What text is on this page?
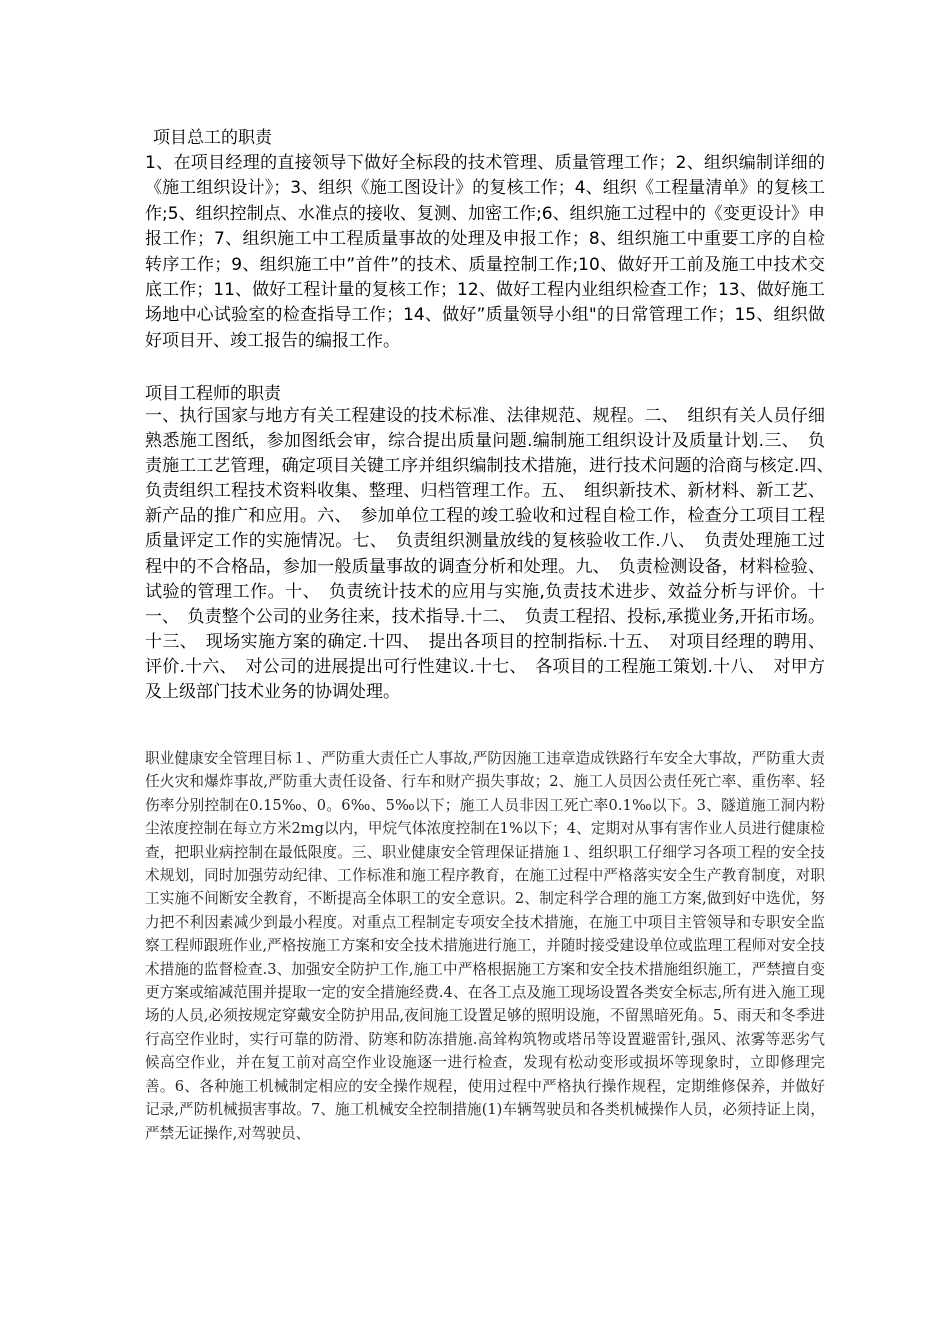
项目总工的职责
1、在项目经理的直接领导下做好全标段的技术管理、质量管理工作；2、组织编制详细的《施工组织设计》；3、组织《施工图设计》的复核工作；4、组织《工程量清单》的复核工作;5、组织控制点、水准点的接收、复测、加密工作;6、组织施工过程中的《变更设计》申报工作；7、组织施工中工程质量事故的处理及申报工作；8、组织施工中重要工序的自检转序工作；9、组织施工中”首件”的技术、质量控制工作;10、做好开工前及施工中技术交底工作；11、做好工程计量的复核工作；12、做好工程内业组织检查工作；13、做好施工场地中心试验室的检查指导工作；14、做好”质量领导小组"的日常管理工作；15、组织做好项目开、竣工报告的编报工作。
项目工程师的职责
一、执行国家与地方有关工程建设的技术标准、法律规范、规程。二、　组织有关人员仔细熟悉施工图纸，参加图纸会审，综合提出质量问题.编制施工组织设计及质量计划.三、　负责施工工艺管理，确定项目关键工序并组织编制技术措施，进行技术问题的洽商与核定.四、　负责组织工程技术资料收集、整理、归档管理工作。五、　组织新技术、新材料、新工艺、新产品的推广和应用。六、　参加单位工程的竣工验收和过程自检工作，检查分工项目工程质量评定工作的实施情况。七、　负责组织测量放线的复核验收工作.八、　负责处理施工过程中的不合格品，参加一般质量事故的调查分析和处理。九、　负责检测设备，材料检验、试验的管理工作。十、　负责统计技术的应用与实施,负责技术进步、效益分析与评价。十一、　负责整个公司的业务往来，技术指导.十二、　负责工程招、投标,承揽业务,开拓市场。十三、　现场实施方案的确定.十四、　提出各项目的控制指标.十五、　对项目经理的聘用、评价.十六、　对公司的进展提出可行性建议.十七、　各项目的工程施工策划.十八、　对甲方及上级部门技术业务的协调处理。
职业健康安全管理目标１、严防重大责任亡人事故,严防因施工违章造成铁路行车安全大事故，严防重大责任火灾和爆炸事故,严防重大责任设备、行车和财产损失事故；2、施工人员因公责任死亡率、重伤率、轻伤率分别控制在0.15‰、0。6‰、5‰以下；施工人员非因工死亡率0.1‰以下。3、隧道施工洞内粉尘浓度控制在每立方米2mg以内，甲烷气体浓度控制在1%以下；4、定期对从事有害作业人员进行健康检查，把职业病控制在最低限度。三、职业健康安全管理保证措施１、组织职工仔细学习各项工程的安全技术规划，同时加强劳动纪律、工作标准和施工程序教育，在施工过程中严格落实安全生产教育制度，对职工实施不间断安全教育，不断提高全体职工的安全意识。2、制定科学合理的施工方案,做到好中选优，努力把不利因素减少到最小程度。对重点工程制定专项安全技术措施，在施工中项目主管领导和专职安全监察工程师跟班作业,严格按施工方案和安全技术措施进行施工，并随时接受建设单位或监理工程师对安全技术措施的监督检查.3、加强安全防护工作,施工中严格根据施工方案和安全技术措施组织施工，严禁擅自变更方案或缩减范围并提取一定的安全措施经费.4、在各工点及施工现场设置各类安全标志,所有进入施工现场的人员,必须按规定穿戴安全防护用品,夜间施工设置足够的照明设施，不留黑暗死角。5、雨天和冬季进行高空作业时，实行可靠的防滑、防寒和防冻措施.高耸构筑物或塔吊等设置避雷针,强风、浓雾等恶劣气候高空作业，并在复工前对高空作业设施逐一进行检查，发现有松动变形或损坏等现象时，立即修理完善。6、各种施工机械制定相应的安全操作规程，使用过程中严格执行操作规程，定期维修保养，并做好记录,严防机械损害事故。7、施工机械安全控制措施(1)车辆驾驶员和各类机械操作人员，必须持证上岗，严禁无证操作,对驾驶员、
